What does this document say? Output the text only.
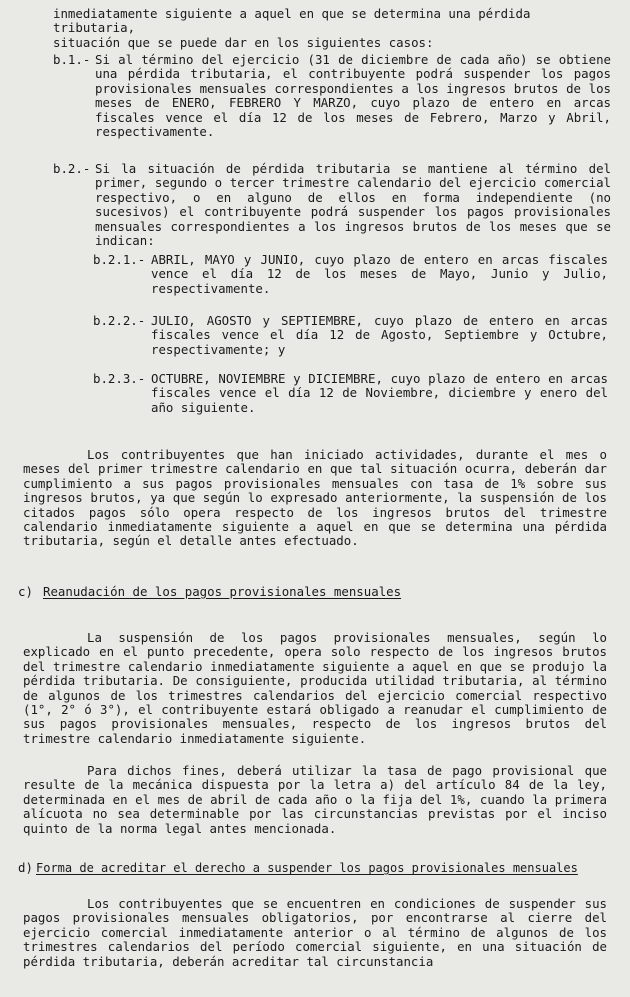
inmediatamente siguiente a aquel en que se determina una pérdida tributaria,
situación que se puede dar en los siguientes casos:
b.1.- Si al término del ejercicio (31 de diciembre de cada año) se obtiene una pérdida tributaria, el contribuyente podrá suspender los pagos provisionales mensuales correspondientes a los ingresos brutos de los meses de ENERO, FEBRERO Y MARZO, cuyo plazo de entero en arcas fiscales vence el día 12 de los meses de Febrero, Marzo y Abril, respectivamente.

b.2.- Si la situación de pérdida tributaria se mantiene al término del primer, segundo o tercer trimestre calendario del ejercicio comercial respectivo, o en alguno de ellos en forma independiente (no sucesivos) el contribuyente podrá suspender los pagos provisionales mensuales correspondientes a los ingresos brutos de los meses que se indican:

b.2.1.- ABRIL, MAYO y JUNIO, cuyo plazo de entero en arcas fiscales vence el día 12 de los meses de Mayo, Junio y Julio, respectivamente.

b.2.2.- JULIO, AGOSTO y SEPTIEMBRE, cuyo plazo de entero en arcas fiscales vence el día 12 de Agosto, Septiembre y Octubre, respectivamente; y

b.2.3.- OCTUBRE, NOVIEMBRE y DICIEMBRE, cuyo plazo de entero en arcas fiscales vence el día 12 de Noviembre, diciembre y enero del año siguiente.

Los contribuyentes que han iniciado actividades, durante el mes o meses del primer trimestre calendario en que tal situación ocurra, deberán dar cumplimiento a sus pagos provisionales mensuales con tasa de 1% sobre sus ingresos brutos, ya que según lo expresado anteriormente, la suspensión de los citados pagos sólo opera respecto de los ingresos brutos del trimestre calendario inmediatamente siguiente a aquel en que se determina una pérdida tributaria, según el detalle antes efectuado.

c) Reanudación de los pagos provisionales mensuales

La suspensión de los pagos provisionales mensuales, según lo explicado en el punto precedente, opera solo respecto de los ingresos brutos del trimestre calendario inmediatamente siguiente a aquel en que se produjo la pérdida tributaria. De consiguiente, producida utilidad tributaria, al término de algunos de los trimestres calendarios del ejercicio comercial respectivo (1°, 2° ó 3°), el contribuyente estará obligado a reanudar el cumplimiento de sus pagos provisionales mensuales, respecto de los ingresos brutos del trimestre calendario inmediatamente siguiente.

Para dichos fines, deberá utilizar la tasa de pago provisional que resulte de la mecánica dispuesta por la letra a) del artículo 84 de la ley, determinada en el mes de abril de cada año o la fija del 1%, cuando la primera alícuota no sea determinable por las circunstancias previstas por el inciso quinto de la norma legal antes mencionada.

d) Forma de acreditar el derecho a suspender los pagos provisionales mensuales

Los contribuyentes que se encuentren en condiciones de suspender sus pagos provisionales mensuales obligatorios, por encontrarse al cierre del ejercicio comercial inmediatamente anterior o al término de algunos de los trimestres calendarios del período comercial siguiente, en una situación de pérdida tributaria, deberán acreditar tal circunstancia
